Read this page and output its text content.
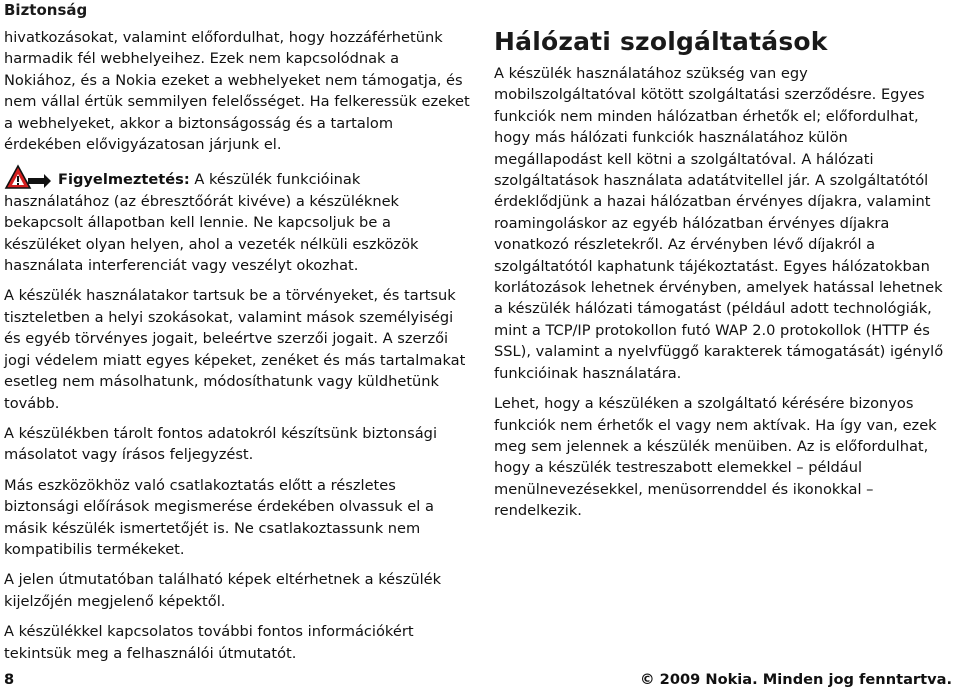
Biztonság

hivatkozásokat, valamint előfordulhat, hogy hozzáférhetünk harmadik fél webhelyeihez. Ezek nem kapcsolódnak a Nokiához, és a Nokia ezeket a webhelyeket nem támogatja, és nem vállal értük semmilyen felelősséget. Ha felkeressük ezeket a webhelyeket, akkor a biztonságosság és a tartalom érdekében elővigyázatosan járjunk el.

Figyelmeztetés: A készülék funkcióinak használatához (az ébresztőórát kivéve) a készüléknek bekapcsolt állapotban kell lennie. Ne kapcsoljuk be a készüléket olyan helyen, ahol a vezeték nélküli eszközök használata interferenciát vagy veszélyt okozhat.

A készülék használatakor tartsuk be a törvényeket, és tartsuk tiszteletben a helyi szokásokat, valamint mások személyiségi és egyéb törvényes jogait, beleértve szerzői jogait. A szerzői jogi védelem miatt egyes képeket, zenéket és más tartalmakat esetleg nem másolhatunk, módosíthatunk vagy küldhetünk tovább.

A készülékben tárolt fontos adatokról készítsünk biztonsági másolatot vagy írásos feljegyzést.

Más eszközökhöz való csatlakoztatás előtt a részletes biztonsági előírások megismerése érdekében olvassuk el a másik készülék ismertetőjét is. Ne csatlakoztassunk nem kompatibilis termékeket.

A jelen útmutatóban található képek eltérhetnek a készülék kijelzőjén megjelenő képektől.

A készülékkel kapcsolatos további fontos információkért tekintsük meg a felhasználói útmutatót.

Hálózati szolgáltatások

A készülék használatához szükség van egy mobilszolgáltatóval kötött szolgáltatási szerződésre. Egyes funkciók nem minden hálózatban érhetők el; előfordulhat, hogy más hálózati funkciók használatához külön megállapodást kell kötni a szolgáltatóval. A hálózati szolgáltatások használata adatátvitellel jár. A szolgáltatótól érdeklődjünk a hazai hálózatban érvényes díjakra, valamint roamingoláskor az egyéb hálózatban érvényes díjakra vonatkozó részletekről. Az érvényben lévő díjakról a szolgáltatótól kaphatunk tájékoztatást. Egyes hálózatokban korlátozások lehetnek érvényben, amelyek hatással lehetnek a készülék hálózati támogatást (például adott technológiák, mint a TCP/IP protokollon futó WAP 2.0 protokollok (HTTP és SSL), valamint a nyelvfüggő karakterek támogatását) igénylő funkcióinak használatára.

Lehet, hogy a készüléken a szolgáltató kérésére bizonyos funkciók nem érhetők el vagy nem aktívak. Ha így van, ezek meg sem jelennek a készülék menüiben. Az is előfordulhat, hogy a készülék testreszabott elemekkel – például menülnevezésekkel, menüsorrenddel és ikonokkal – rendelkezik.

8	© 2009 Nokia. Minden jog fenntartva.
